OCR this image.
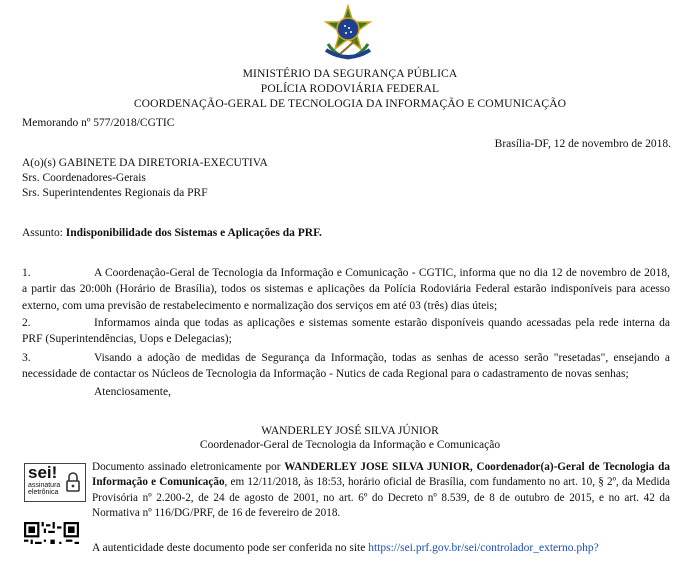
MINISTÉRIO DA SEGURANÇA PÚBLICA
POLÍCIA RODOVIÁRIA FEDERAL
COORDENAÇÃO-GERAL DE TECNOLOGIA DA INFORMAÇÃO E COMUNICAÇÃO
Memorando nº 577/2018/CGTIC
Brasília-DF, 12 de novembro de 2018.
A(o)(s) GABINETE DA DIRETORIA-EXECUTIVA
Srs. Coordenadores-Gerais
Srs. Superintendentes Regionais da PRF
Assunto: Indisponibilidade dos Sistemas e Aplicações da PRF.
1.	A Coordenação-Geral de Tecnologia da Informação e Comunicação - CGTIC, informa que no dia 12 de novembro de 2018, a partir das 20:00h (Horário de Brasília), todos os sistemas e aplicações da Polícia Rodoviária Federal estarão indisponíveis para acesso externo, com uma previsão de restabelecimento e normalização dos serviços em até 03 (três) dias úteis;
2.	Informamos ainda que todas as aplicações e sistemas somente estarão disponíveis quando acessadas pela rede interna da PRF (Superintendências, Uops e Delegacias);
3.	Visando a adoção de medidas de Segurança da Informação, todas as senhas de acesso serão "resetadas", ensejando a necessidade de contactar os Núcleos de Tecnologia da Informação - Nutics de cada Regional para o cadastramento de novas senhas;
Atenciosamente,
WANDERLEY JOSÉ SILVA JÚNIOR
Coordenador-Geral de Tecnologia da Informação e Comunicação
sei!
assinatura
eletrônica
Documento assinado eletronicamente por WANDERLEY JOSE SILVA JUNIOR, Coordenador(a)-Geral de Tecnologia da Informação e Comunicação, em 12/11/2018, às 18:53, horário oficial de Brasília, com fundamento no art. 10, § 2º, da Medida Provisória nº 2.200-2, de 24 de agosto de 2001, no art. 6º do Decreto nº 8.539, de 8 de outubro de 2015, e no art. 42 da Normativa nº 116/DG/PRF, de 16 de fevereiro de 2018.
A autenticidade deste documento pode ser conferida no site https://sei.prf.gov.br/sei/controlador_externo.php?
